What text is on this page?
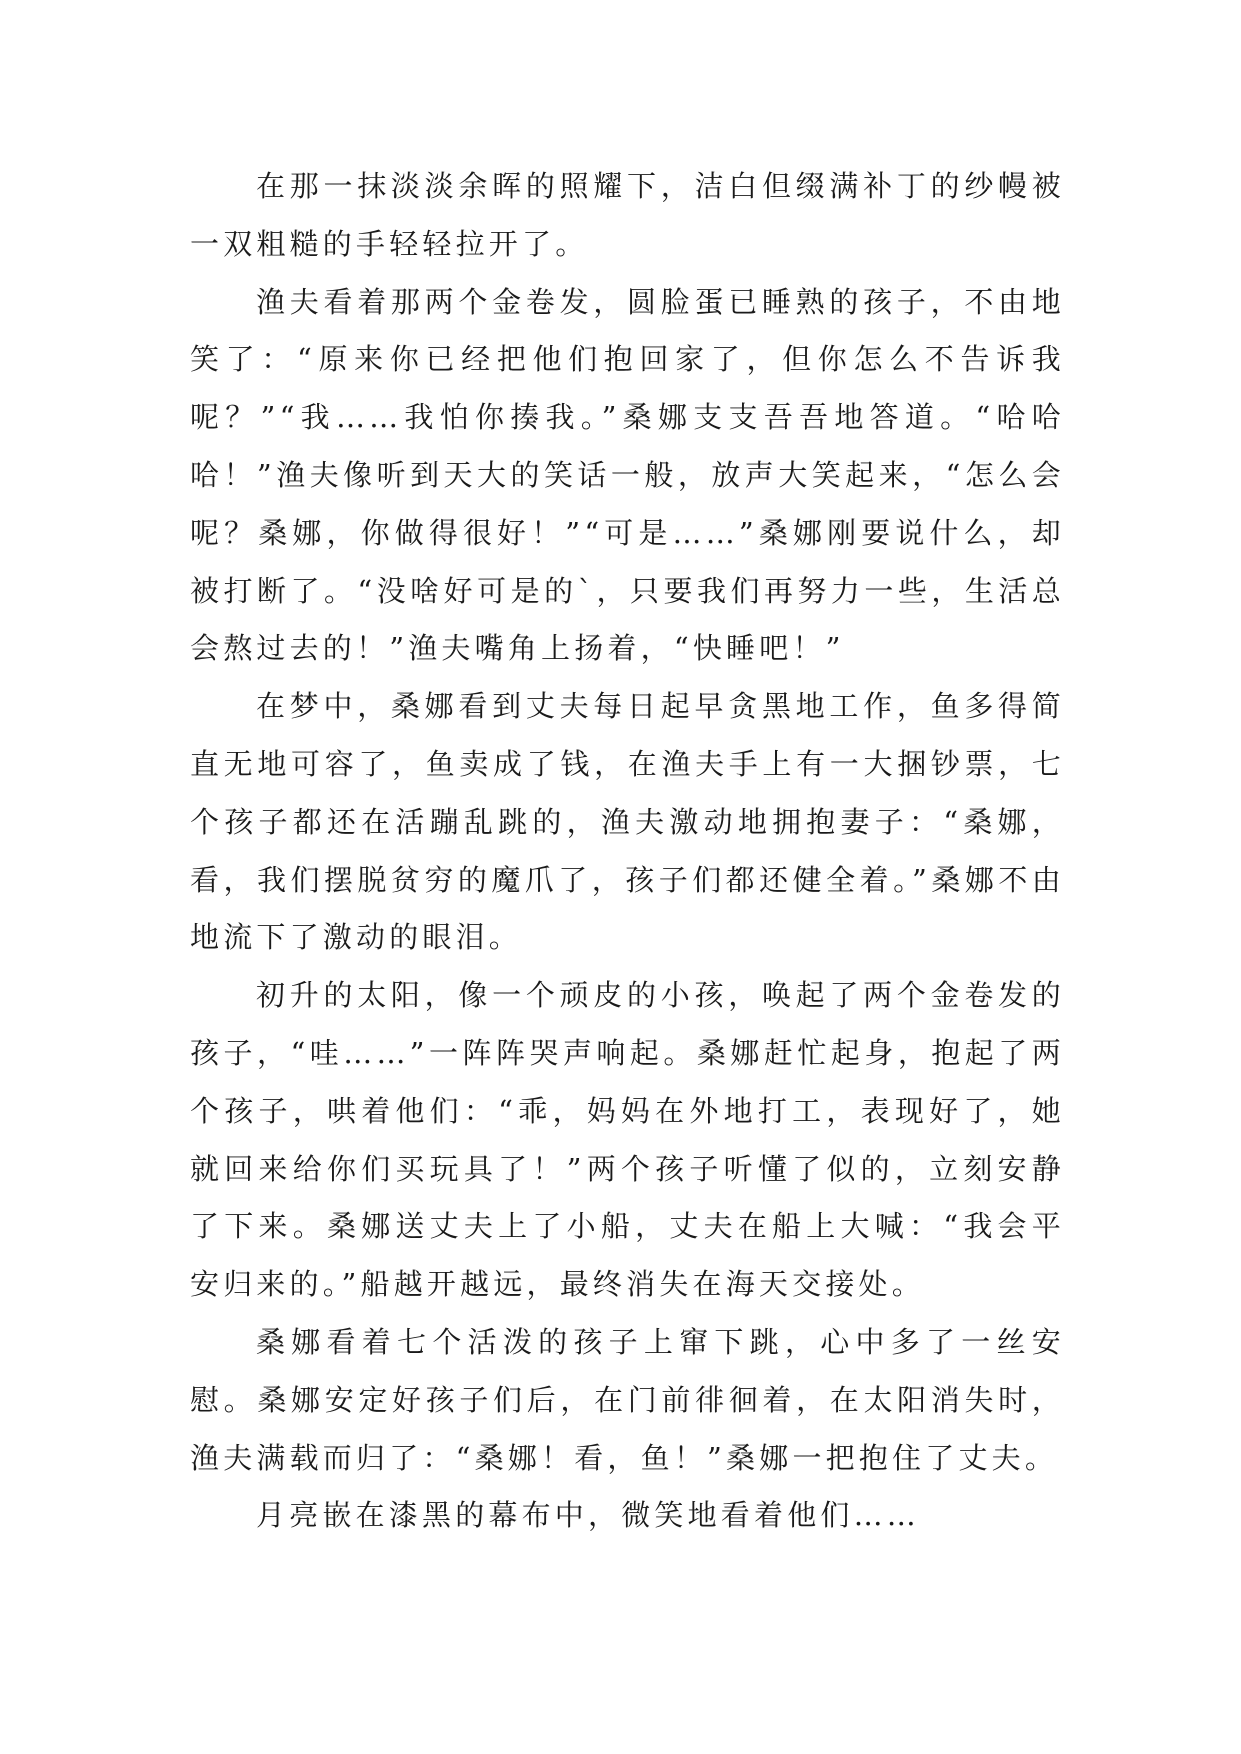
在那一抹淡淡余晖的照耀下，洁白但缀满补丁的纱幔被一双粗糙的手轻轻拉开了。

渔夫看着那两个金卷发，圆脸蛋已睡熟的孩子，不由地笑了：“原来你已经把他们抱回家了，但你怎么不告诉我呢？”“我……我怕你揍我。”桑娜支支吾吾地答道。“哈哈哈！”渔夫像听到天大的笑话一般，放声大笑起来，“怎么会呢？桑娜，你做得很好！”“可是……”桑娜刚要说什么，却被打断了。“没啥好可是的`，只要我们再努力一些，生活总会熬过去的！”渔夫嘴角上扬着，“快睡吧！”

在梦中，桑娜看到丈夫每日起早贪黑地工作，鱼多得简直无地可容了，鱼卖成了钱，在渔夫手上有一大捆钞票，七个孩子都还在活蹦乱跳的，渔夫激动地拥抱妻子：“桑娜，看，我们摆脱贫穷的魔爪了，孩子们都还健全着。”桑娜不由地流下了激动的眼泪。

初升的太阳，像一个顽皮的小孩，唤起了两个金卷发的孩子，“哇……”一阵阵哭声响起。桑娜赶忙起身，抱起了两个孩子，哄着他们：“乖，妈妈在外地打工，表现好了，她就回来给你们买玩具了！”两个孩子听懂了似的，立刻安静了下来。桑娜送丈夫上了小船，丈夫在船上大喊：“我会平安归来的。”船越开越远，最终消失在海天交接处。

桑娜看着七个活泼的孩子上窜下跳，心中多了一丝安慰。桑娜安定好孩子们后，在门前徘徊着，在太阳消失时，渔夫满载而归了：“桑娜！看，鱼！”桑娜一把抱住了丈夫。

月亮嵌在漆黑的幕布中，微笑地看着他们……
